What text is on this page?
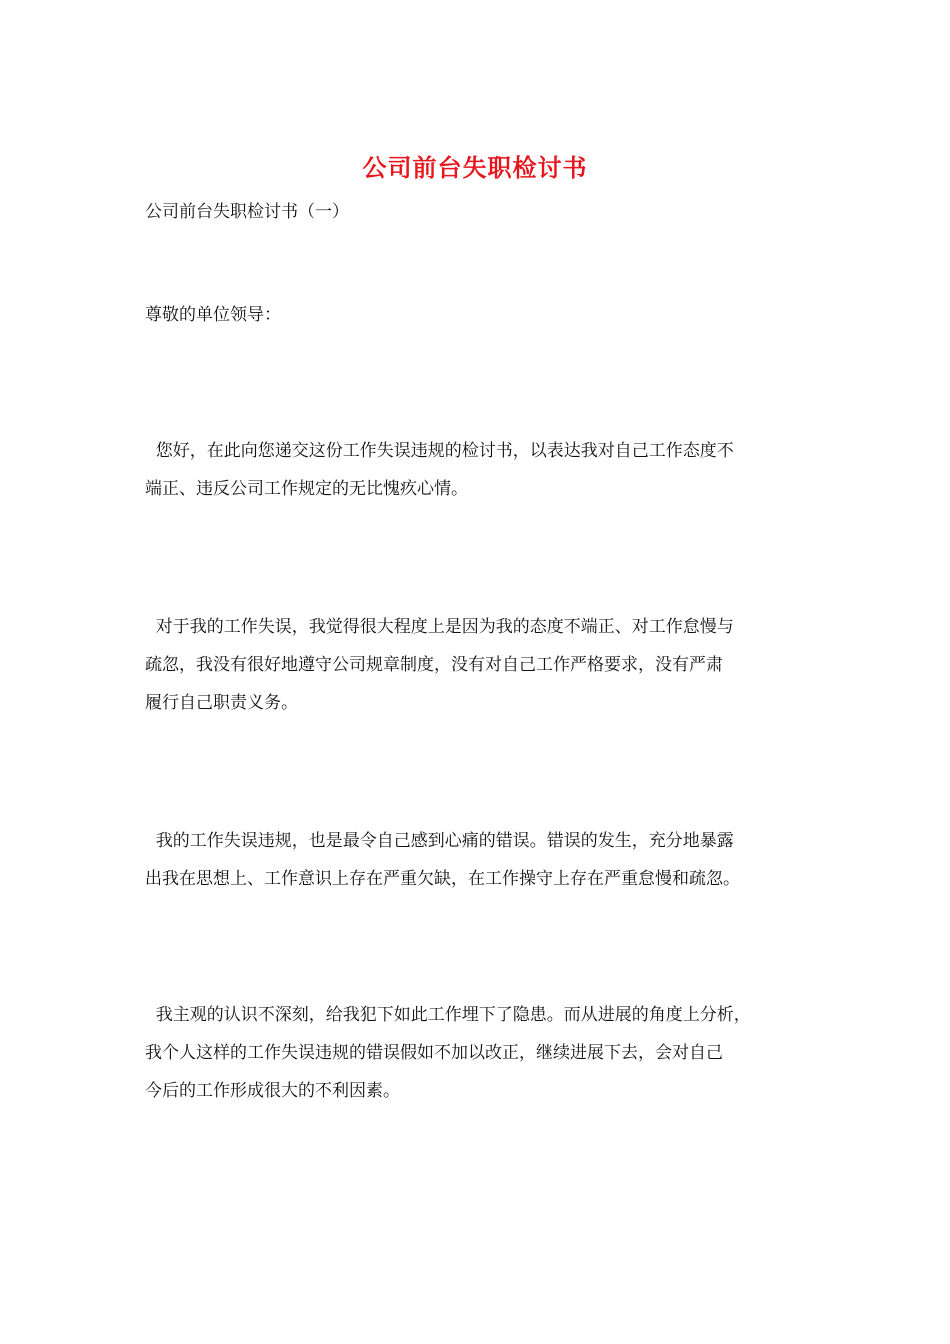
公司前台失职检讨书
公司前台失职检讨书（一）
尊敬的单位领导：
您好，在此向您递交这份工作失误违规的检讨书，以表达我对自己工作态度不
端正、违反公司工作规定的无比愧疚心情。
对于我的工作失误，我觉得很大程度上是因为我的态度不端正、对工作怠慢与
疏忽，我没有很好地遵守公司规章制度，没有对自己工作严格要求，没有严肃
履行自己职责义务。
我的工作失误违规，也是最令自己感到心痛的错误。错误的发生，充分地暴露
出我在思想上、工作意识上存在严重欠缺，在工作操守上存在严重怠慢和疏忽。
我主观的认识不深刻，给我犯下如此工作埋下了隐患。而从进展的角度上分析，
我个人这样的工作失误违规的错误假如不加以改正，继续进展下去，会对自己
今后的工作形成很大的不利因素。
